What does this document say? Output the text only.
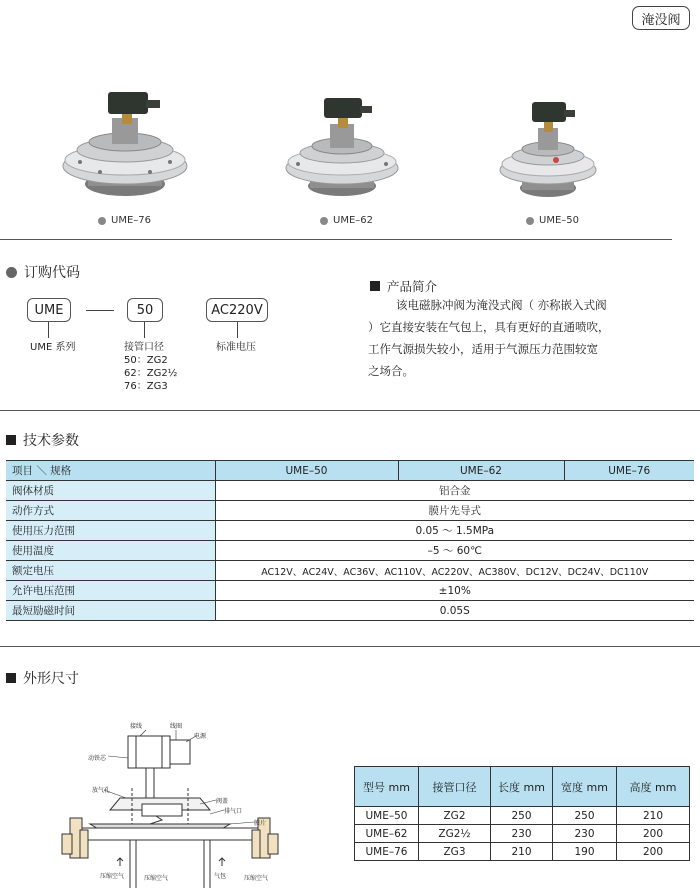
淹没阀
UME–76	UME–62	UME–50
订购代码
UME	50	AC220V
UME 系列	接管口径
50：ZG2
62：ZG2½
76：ZG3
标准电压
产品简介
该电磁脉冲阀为淹没式阀（ 亦称嵌入式阀
）它直接安装在气包上，具有更好的直通喷吹，
工作气源损失较小，适用于气源压力范围较宽
之场合。
技术参数
项目 ＼ 规格	UME–50	UME–62	UME–76
阀体材质	铝合金		
动作方式	膜片先导式		
使用压力范围	0.05 ～ 1.5MPa		
使用温度	–5 ～ 60℃		
额定电压	AC12V、AC24V、AC36V、AC110V、AC220V、AC380V、DC12V、DC24V、DC110V		
允许电压范围	±10%		
最短励磁时间	0.05S		
外形尺寸
接线	线圈
电源
动铁芯
放气孔
阀盖
排气口
膜片
压缩空气	压缩空气	气包	压缩空气
型号 mm	接管口径	长度 mm	宽度 mm	高度 mm
UME–50	ZG2	250	250	210
UME–62	ZG2½	230	230	200
UME–76	ZG3	210	190	200
